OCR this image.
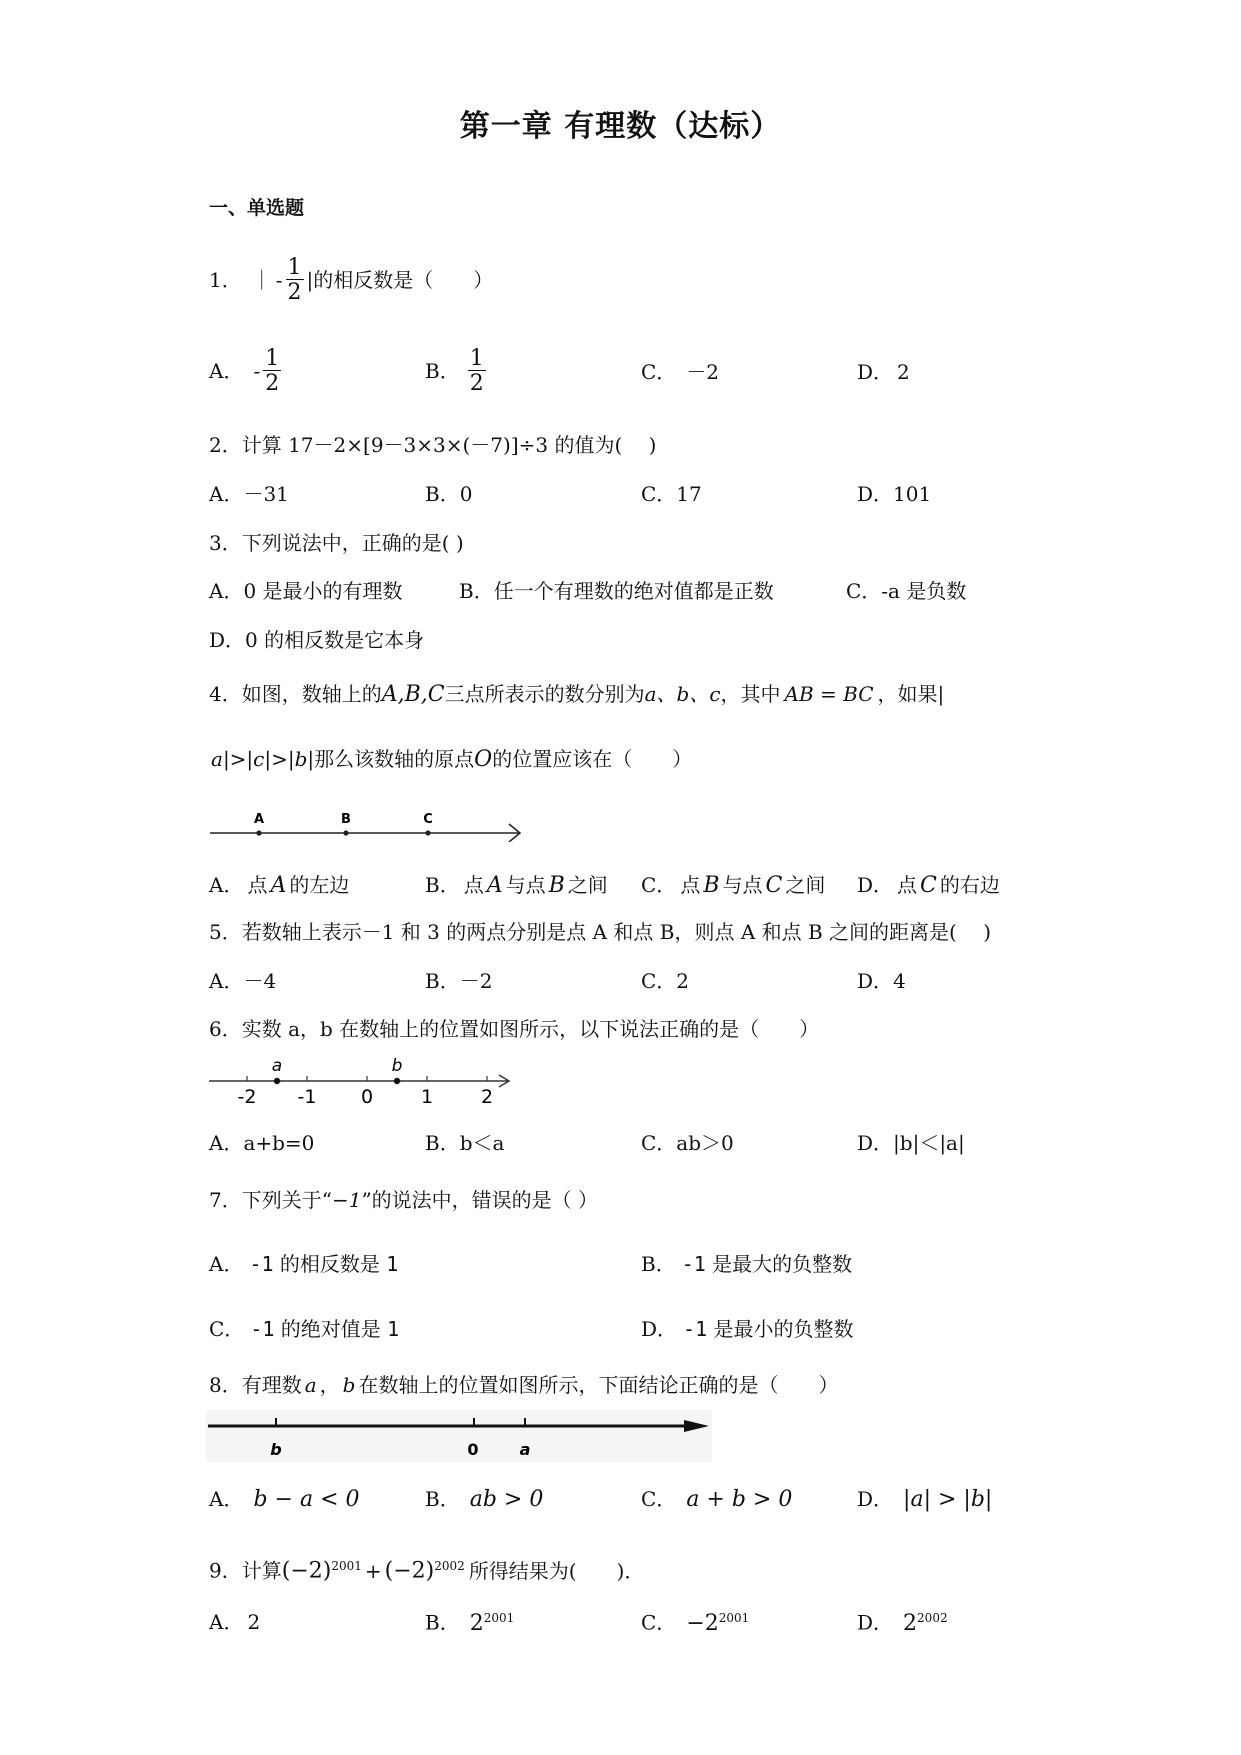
第一章 有理数（达标）
一、单选题
1． ｜ - $\frac{1}{2}$ | 的相反数是（　　）
A． - $\frac{1}{2}$	B． $\frac{1}{2}$	C． －2	D． 2
2．计算 17－2×[9－3×3×(－7)]÷3 的值为(　 )
A．－31	B．0	C．17	D．101
3．下列说法中，正确的是( )
A．0 是最小的有理数	B．任一个有理数的绝对值都是正数	C．-a 是负数
D．0 的相反数是它本身
4．如图，数轴上的A,B,C三点所表示的数分别为a、b、c，其中 AB = BC ，如果|
a|>|c|>|b|那么该数轴的原点O的位置应该在（　　）
A	B	C
A． 点 A 的左边	B． 点 A 与点 B 之间 C． 点 B 与点 C 之间 D． 点 C 的右边
5．若数轴上表示－1 和 3 的两点分别是点 A 和点 B，则点 A 和点 B 之间的距离是(　 )
A．－4	B．－2	C．2	D．4
6．实数 a，b 在数轴上的位置如图所示，以下说法正确的是（　　）
a	b
-2 -1 0	1	2
A．a+b=0	B．b＜a	C．ab＞0	D．|b|＜|a|
7．下列关于“−1”的说法中，错误的是（ ）
A． -1 的相反数是 1	B． -1 是最大的负整数
C． -1 的绝对值是 1	D． -1 是最小的负整数
8．有理数 a ， b 在数轴上的位置如图所示，下面结论正确的是（　　）
b	0	a
A． b − a < 0	B． ab > 0	C． a + b > 0	D． |a| > |b|
9．计算$(-2)^{2001} + (-2)^{2002}$ 所得结果为(　　)．
A． 2	B． $2^{2001}$	C． $-2^{2001}$	D． $2^{2002}$
